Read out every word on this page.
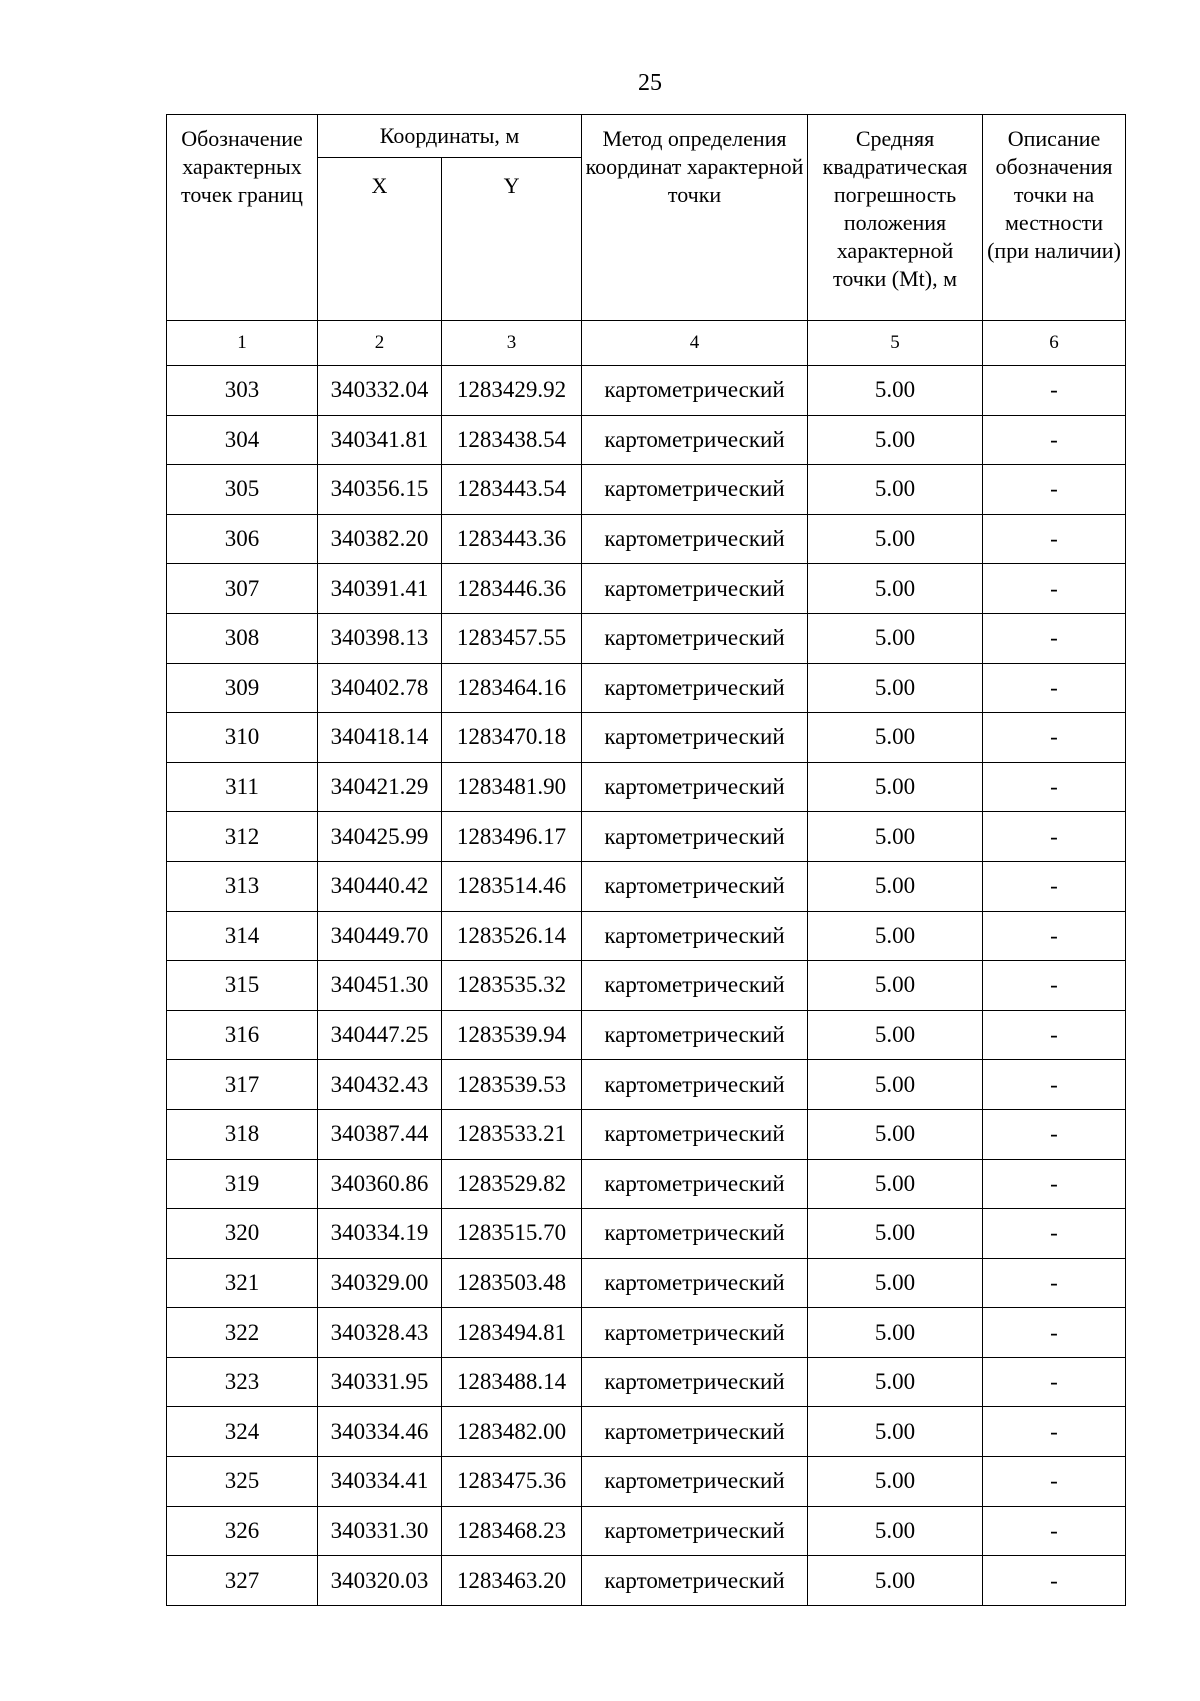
25
Обозначение характерных точек границ	Координаты, м		Метод определения координат характерной точки	Средняя квадратическая погрешность положения характерной точки (Mt), м	Описание обозначения точки на местности (при наличии)
	X	Y			
1	2	3	4	5	6
303	340332.04	1283429.92	картометрический	5.00	-
304	340341.81	1283438.54	картометрический	5.00	-
305	340356.15	1283443.54	картометрический	5.00	-
306	340382.20	1283443.36	картометрический	5.00	-
307	340391.41	1283446.36	картометрический	5.00	-
308	340398.13	1283457.55	картометрический	5.00	-
309	340402.78	1283464.16	картометрический	5.00	-
310	340418.14	1283470.18	картометрический	5.00	-
311	340421.29	1283481.90	картометрический	5.00	-
312	340425.99	1283496.17	картометрический	5.00	-
313	340440.42	1283514.46	картометрический	5.00	-
314	340449.70	1283526.14	картометрический	5.00	-
315	340451.30	1283535.32	картометрический	5.00	-
316	340447.25	1283539.94	картометрический	5.00	-
317	340432.43	1283539.53	картометрический	5.00	-
318	340387.44	1283533.21	картометрический	5.00	-
319	340360.86	1283529.82	картометрический	5.00	-
320	340334.19	1283515.70	картометрический	5.00	-
321	340329.00	1283503.48	картометрический	5.00	-
322	340328.43	1283494.81	картометрический	5.00	-
323	340331.95	1283488.14	картометрический	5.00	-
324	340334.46	1283482.00	картометрический	5.00	-
325	340334.41	1283475.36	картометрический	5.00	-
326	340331.30	1283468.23	картометрический	5.00	-
327	340320.03	1283463.20	картометрический	5.00	-
